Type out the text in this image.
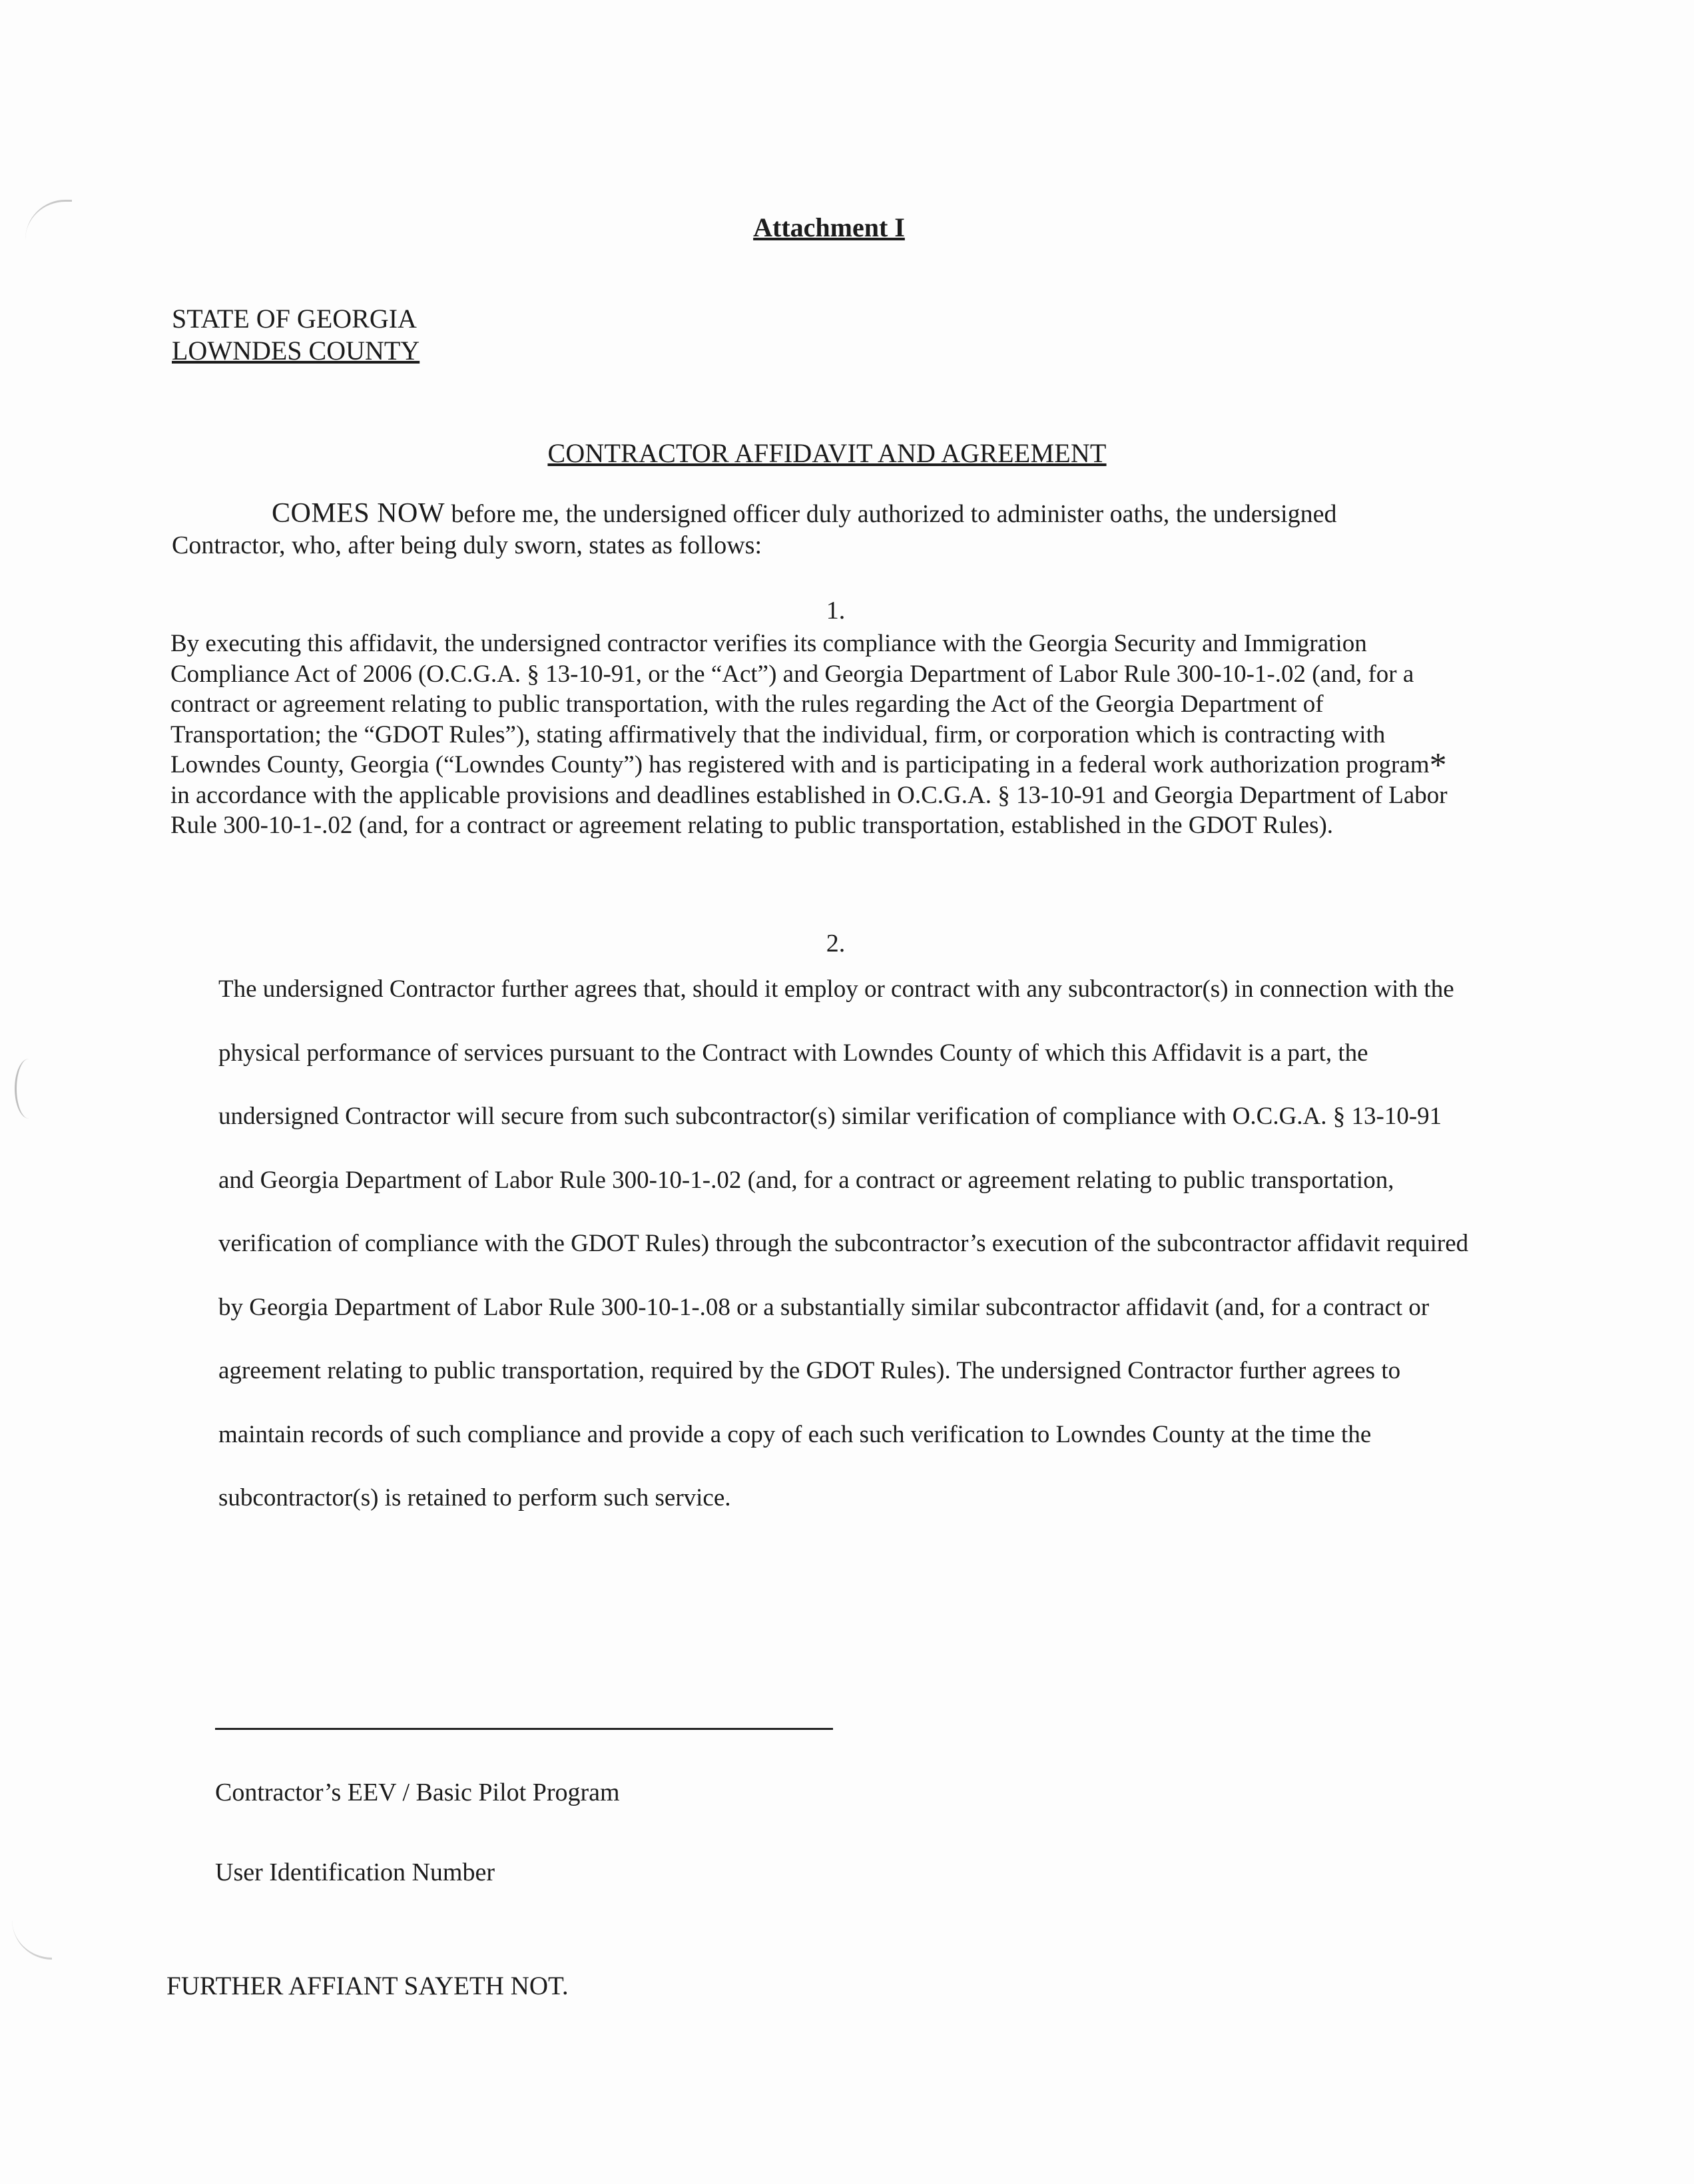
Attachment I
STATE OF GEORGIA
LOWNDES COUNTY
CONTRACTOR AFFIDAVIT AND AGREEMENT
COMES NOW before me, the undersigned officer duly authorized to administer oaths, the undersigned Contractor, who, after being duly sworn, states as follows:
1.
By executing this affidavit, the undersigned contractor verifies its compliance with the Georgia Security and Immigration Compliance Act of 2006 (O.C.G.A. § 13-10-91, or the “Act”) and Georgia Department of Labor Rule 300-10-1-.02 (and, for a contract or agreement relating to public transportation, with the rules regarding the Act of the Georgia Department of Transportation; the “GDOT Rules”), stating affirmatively that the individual, firm, or corporation which is contracting with Lowndes County, Georgia (“Lowndes County”) has registered with and is participating in a federal work authorization program* in accordance with the applicable provisions and deadlines established in O.C.G.A. § 13-10-91 and Georgia Department of Labor Rule 300-10-1-.02 (and, for a contract or agreement relating to public transportation, established in the GDOT Rules).
2.
The undersigned Contractor further agrees that, should it employ or contract with any subcontractor(s) in connection with the physical performance of services pursuant to the Contract with Lowndes County of which this Affidavit is a part, the undersigned Contractor will secure from such subcontractor(s) similar verification of compliance with O.C.G.A. § 13-10-91 and Georgia Department of Labor Rule 300-10-1-.02 (and, for a contract or agreement relating to public transportation, verification of compliance with the GDOT Rules) through the subcontractor’s execution of the subcontractor affidavit required by Georgia Department of Labor Rule 300-10-1-.08 or a substantially similar subcontractor affidavit (and, for a contract or agreement relating to public transportation, required by the GDOT Rules). The undersigned Contractor further agrees to maintain records of such compliance and provide a copy of each such verification to Lowndes County at the time the subcontractor(s) is retained to perform such service.
Contractor’s EEV / Basic Pilot Program
User Identification Number
FURTHER AFFIANT SAYETH NOT.
